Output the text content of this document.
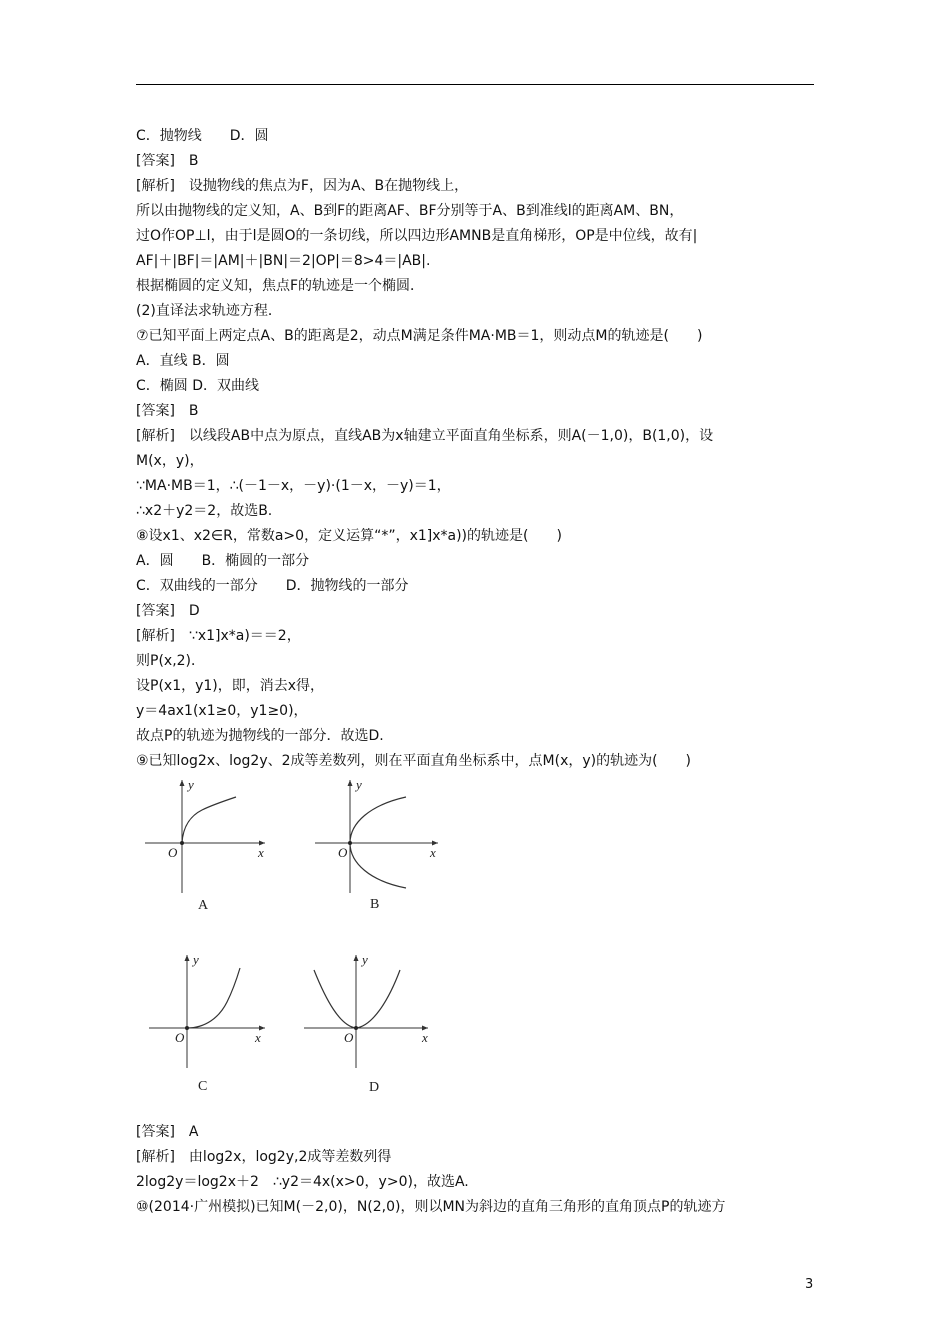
C．抛物线　　D．圆
[答案]　B
[解析]　设抛物线的焦点为F，因为A、B在抛物线上，
所以由抛物线的定义知，A、B到F的距离AF、BF分别等于A、B到准线l的距离AM、BN，
过O作OP⊥l，由于l是圆O的一条切线，所以四边形AMNB是直角梯形，OP是中位线，故有|
AF|＋|BF|＝|AM|＋|BN|＝2|OP|＝8>4＝|AB|.
根据椭圆的定义知，焦点F的轨迹是一个椭圆．
(2)直译法求轨迹方程．
⑦已知平面上两定点A、B的距离是2，动点M满足条件MA·MB＝1，则动点M的轨迹是(　　)
A．直线 B．圆
C．椭圆 D．双曲线
[答案]　B
[解析]　以线段AB中点为原点，直线AB为x轴建立平面直角坐标系，则A(－1,0)，B(1,0)，设
M(x，y)，
∵MA·MB＝1，∴(－1－x，－y)·(1－x，－y)＝1，
∴x2＋y2＝2，故选B.
⑧设x1、x2∈R，常数a>0，定义运算“*”，x1]x*a))的轨迹是(　　)
A．圆　　B．椭圆的一部分
C．双曲线的一部分　　D．抛物线的一部分
[答案]　D
[解析]　∵x1]x*a)＝＝2，
则P(x,2)．
设P(x1，y1)，即，消去x得，
y＝4ax1(x1≥0，y1≥0)，
故点P的轨迹为抛物线的一部分．故选D.
⑨已知log2x、log2y、2成等差数列，则在平面直角坐标系中，点M(x，y)的轨迹为(　　)
y
x
O
A
y
x
O
B
y
x
O
C
y
x
O
D
[答案]　A
[解析]　由log2x，log2y,2成等差数列得
2log2y＝log2x＋2　∴y2＝4x(x>0，y>0)，故选A.
⑩(2014·广州模拟)已知M(－2,0)，N(2,0)，则以MN为斜边的直角三角形的直角顶点P的轨迹方
3
